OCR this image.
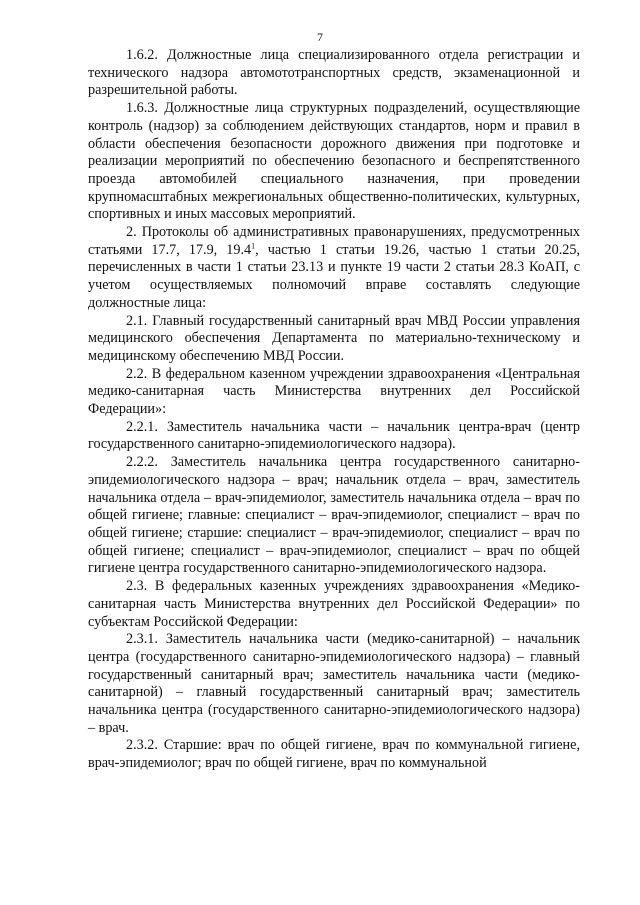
7

1.6.2. Должностные лица специализированного отдела регистрации и технического надзора автомототранспортных средств, экзаменационной и разрешительной работы.

1.6.3. Должностные лица структурных подразделений, осуществляющие контроль (надзор) за соблюдением действующих стандартов, норм и правил в области обеспечения безопасности дорожного движения при подготовке и реализации мероприятий по обеспечению безопасного и беспрепятственного проезда автомобилей специального назначения, при проведении крупномасштабных межрегиональных общественно-политических, культурных, спортивных и иных массовых мероприятий.

2. Протоколы об административных правонарушениях, предусмотренных статьями 17.7, 17.9, 19.4$^1$, частью 1 статьи 19.26, частью 1 статьи 20.25, перечисленных в части 1 статьи 23.13 и пункте 19 части 2 статьи 28.3 КоАП, с учетом осуществляемых полномочий вправе составлять следующие должностные лица:

2.1. Главный государственный санитарный врач МВД России управления медицинского обеспечения Департамента по материально-техническому и медицинскому обеспечению МВД России.

2.2. В федеральном казенном учреждении здравоохранения «Центральная медико-санитарная часть Министерства внутренних дел Российской Федерации»:

2.2.1. Заместитель начальника части – начальник центра-врач (центр государственного санитарно-эпидемиологического надзора).

2.2.2. Заместитель начальника центра государственного санитарно-эпидемиологического надзора – врач; начальник отдела – врач, заместитель начальника отдела – врач-эпидемиолог, заместитель начальника отдела – врач по общей гигиене; главные: специалист – врач-эпидемиолог, специалист – врач по общей гигиене; старшие: специалист – врач-эпидемиолог, специалист – врач по общей гигиене; специалист – врач-эпидемиолог, специалист – врач по общей гигиене центра государственного санитарно-эпидемиологического надзора.

2.3. В федеральных казенных учреждениях здравоохранения «Медико-санитарная часть Министерства внутренних дел Российской Федерации» по субъектам Российской Федерации:

2.3.1. Заместитель начальника части (медико-санитарной) – начальник центра (государственного санитарно-эпидемиологического надзора) – главный государственный санитарный врач; заместитель начальника части (медико-санитарной) – главный государственный санитарный врач; заместитель начальника центра (государственного санитарно-эпидемиологического надзора) – врач.

2.3.2. Старшие: врач по общей гигиене, врач по коммунальной гигиене, врач-эпидемиолог; врач по общей гигиене, врач по коммунальной
